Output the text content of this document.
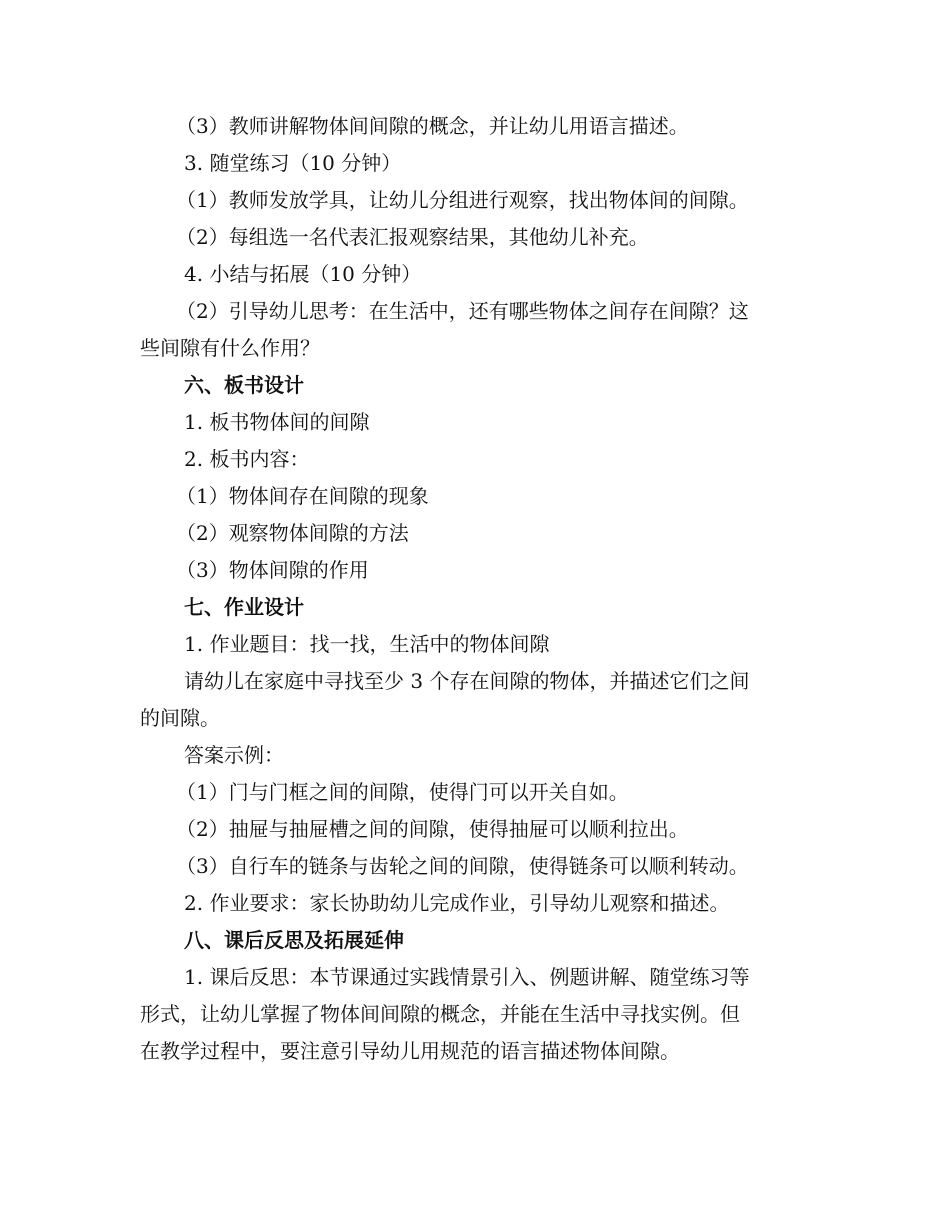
（3）教师讲解物体间间隙的概念，并让幼儿用语言描述。
3. 随堂练习（10 分钟）
（1）教师发放学具，让幼儿分组进行观察，找出物体间的间隙。
（2）每组选一名代表汇报观察结果，其他幼儿补充。
4. 小结与拓展（10 分钟）
（2）引导幼儿思考：在生活中，还有哪些物体之间存在间隙？这
些间隙有什么作用？
六、板书设计
1. 板书物体间的间隙
2. 板书内容：
（1）物体间存在间隙的现象
（2）观察物体间隙的方法
（3）物体间隙的作用
七、作业设计
1. 作业题目：找一找，生活中的物体间隙
请幼儿在家庭中寻找至少 3 个存在间隙的物体，并描述它们之间
的间隙。
答案示例：
（1）门与门框之间的间隙，使得门可以开关自如。
（2）抽屉与抽屉槽之间的间隙，使得抽屉可以顺利拉出。
（3）自行车的链条与齿轮之间的间隙，使得链条可以顺利转动。
2. 作业要求：家长协助幼儿完成作业，引导幼儿观察和描述。
八、课后反思及拓展延伸
1. 课后反思：本节课通过实践情景引入、例题讲解、随堂练习等
形式，让幼儿掌握了物体间间隙的概念，并能在生活中寻找实例。但
在教学过程中，要注意引导幼儿用规范的语言描述物体间隙。
